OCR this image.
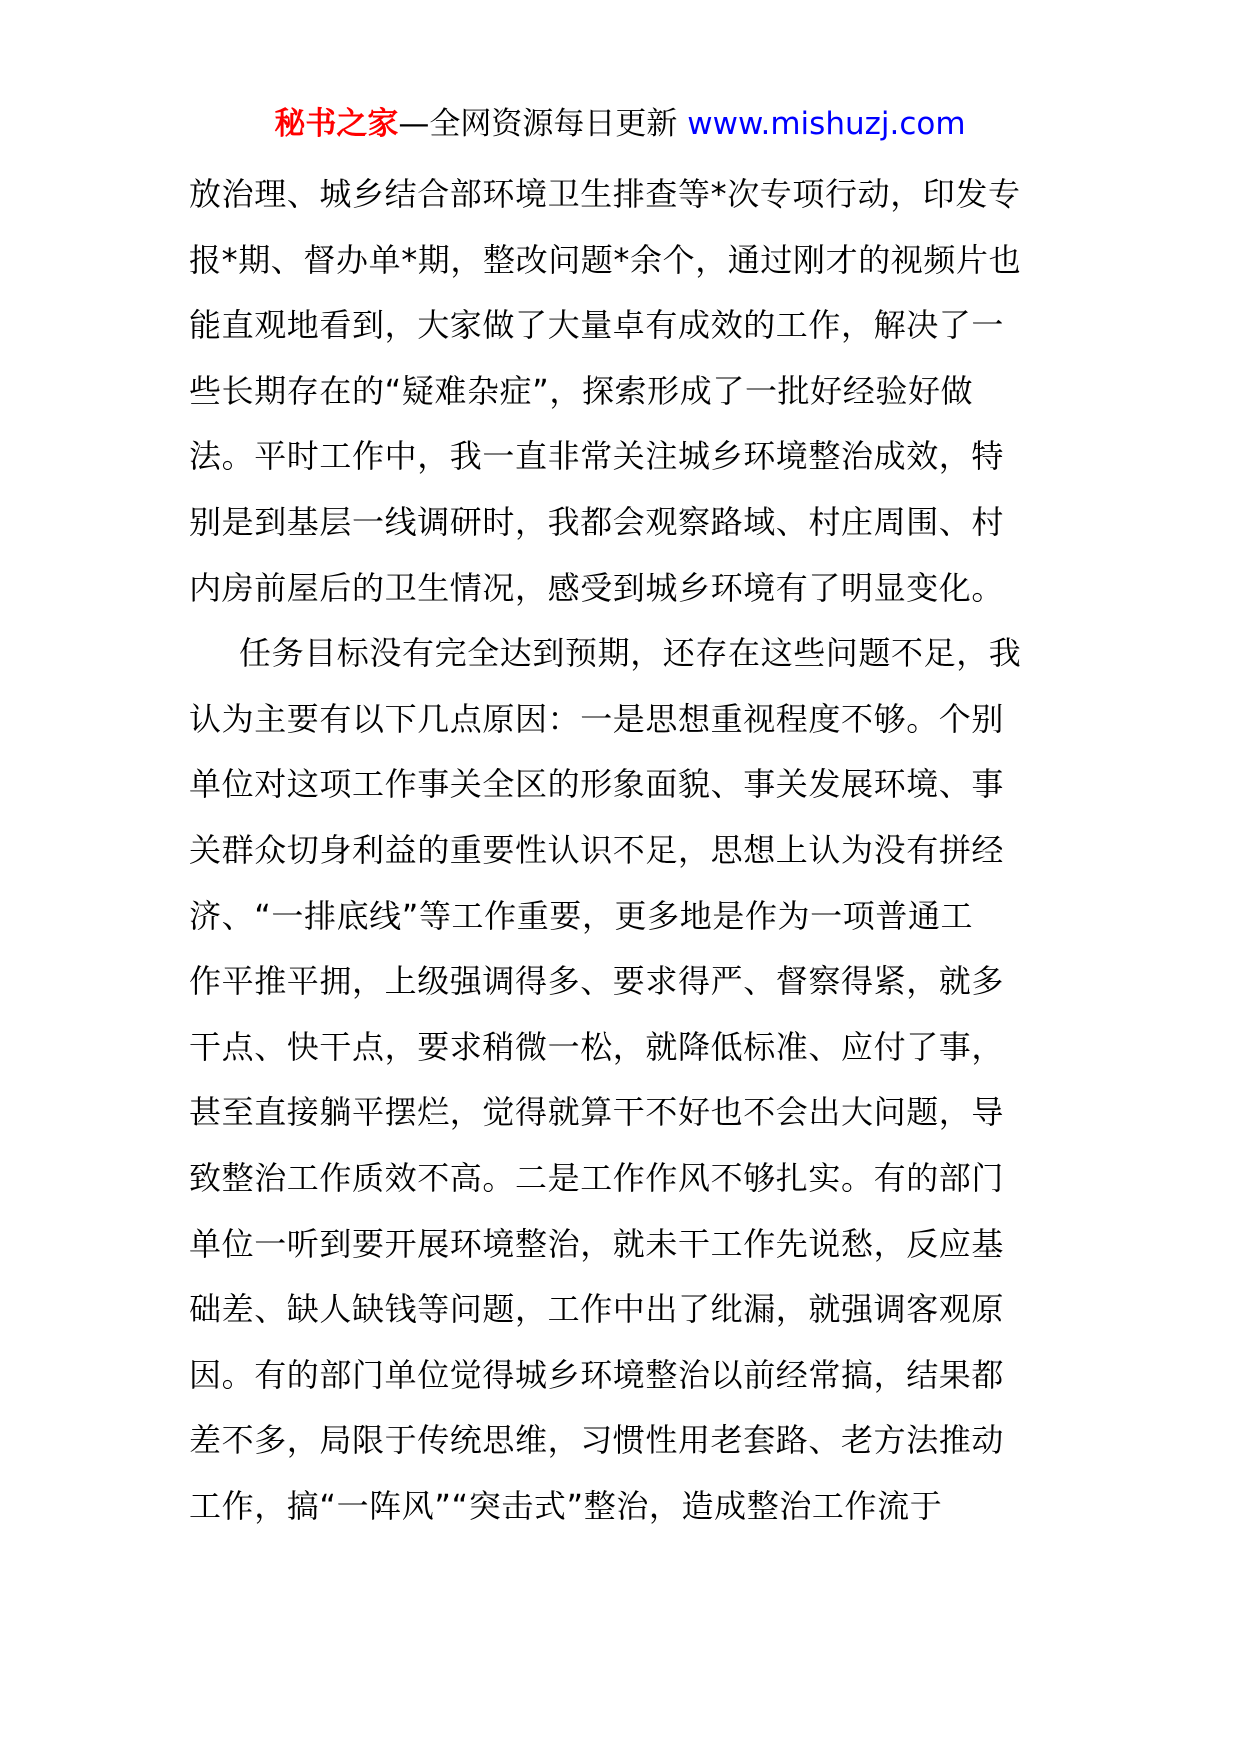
秘书之家—全网资源每日更新 www.mishuzj.com
放治理、城乡结合部环境卫生排查等*次专项行动，印发专
报*期、督办单*期，整改问题*余个，通过刚才的视频片也
能直观地看到，大家做了大量卓有成效的工作，解决了一
些长期存在的“疑难杂症”，探索形成了一批好经验好做
法。平时工作中，我一直非常关注城乡环境整治成效，特
别是到基层一线调研时，我都会观察路域、村庄周围、村
内房前屋后的卫生情况，感受到城乡环境有了明显变化。
任务目标没有完全达到预期，还存在这些问题不足，我
认为主要有以下几点原因：一是思想重视程度不够。个别
单位对这项工作事关全区的形象面貌、事关发展环境、事
关群众切身利益的重要性认识不足，思想上认为没有拼经
济、“一排底线”等工作重要，更多地是作为一项普通工
作平推平拥，上级强调得多、要求得严、督察得紧，就多
干点、快干点，要求稍微一松，就降低标准、应付了事，
甚至直接躺平摆烂，觉得就算干不好也不会出大问题，导
致整治工作质效不高。二是工作作风不够扎实。有的部门
单位一听到要开展环境整治，就未干工作先说愁，反应基
础差、缺人缺钱等问题，工作中出了纰漏，就强调客观原
因。有的部门单位觉得城乡环境整治以前经常搞，结果都
差不多，局限于传统思维，习惯性用老套路、老方法推动
工作，搞“一阵风”“突击式”整治，造成整治工作流于
